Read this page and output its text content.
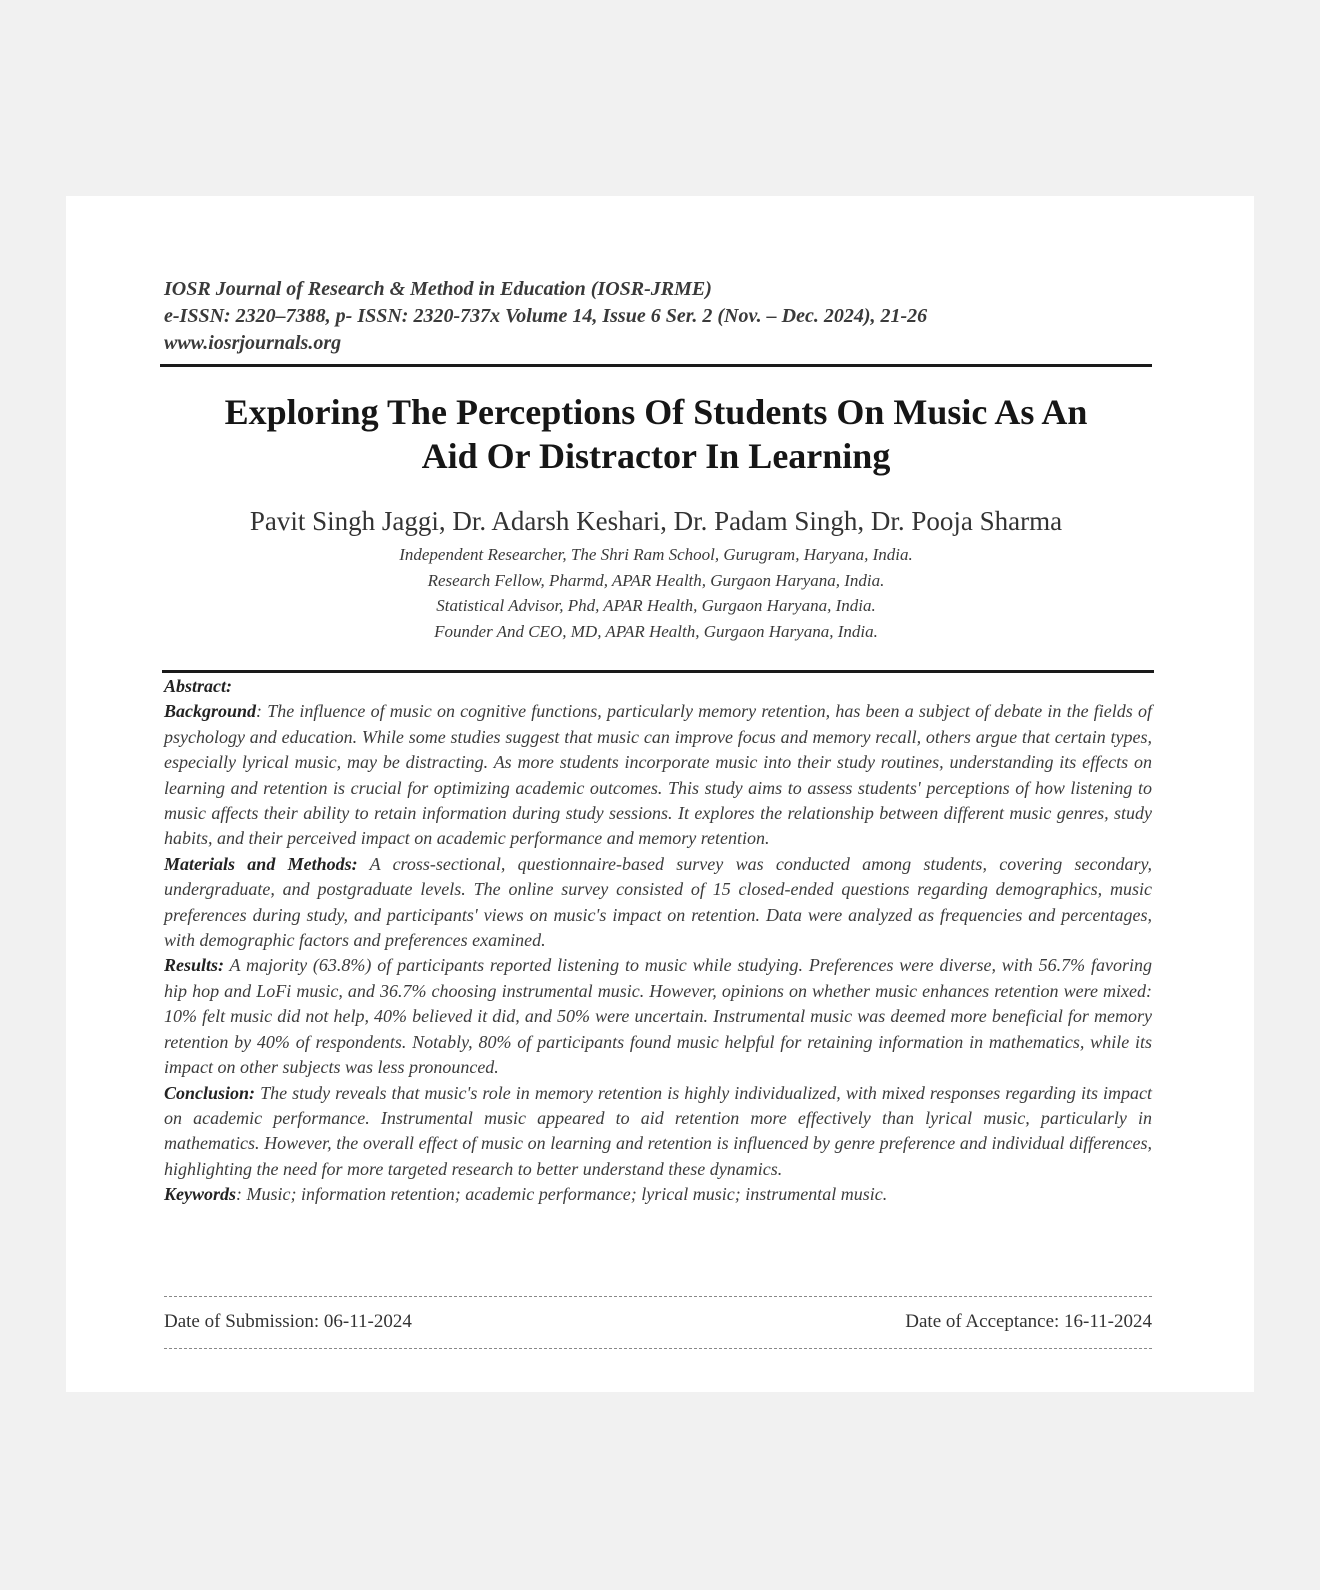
IOSR Journal of Research & Method in Education (IOSR-JRME)
e-ISSN: 2320–7388, p- ISSN: 2320-737x Volume 14, Issue 6 Ser. 2 (Nov. – Dec. 2024), 21-26
www.iosrjournals.org
Exploring The Perceptions Of Students On Music As An
Aid Or Distractor In Learning
Pavit Singh Jaggi, Dr. Adarsh Keshari, Dr. Padam Singh, Dr. Pooja Sharma
Independent Researcher, The Shri Ram School, Gurugram, Haryana, India.
Research Fellow, Pharmd, APAR Health, Gurgaon Haryana, India.
Statistical Advisor, Phd, APAR Health, Gurgaon Haryana, India.
Founder And CEO, MD, APAR Health, Gurgaon Haryana, India.

Abstract:

Background: The influence of music on cognitive functions, particularly memory retention, has been a subject of debate in the fields of psychology and education. While some studies suggest that music can improve focus and memory recall, others argue that certain types, especially lyrical music, may be distracting. As more students incorporate music into their study routines, understanding its effects on learning and retention is crucial for optimizing academic outcomes. This study aims to assess students' perceptions of how listening to music affects their ability to retain information during study sessions. It explores the relationship between different music genres, study habits, and their perceived impact on academic performance and memory retention.

Materials and Methods: A cross-sectional, questionnaire-based survey was conducted among students, covering secondary, undergraduate, and postgraduate levels. The online survey consisted of 15 closed-ended questions regarding demographics, music preferences during study, and participants' views on music's impact on retention. Data were analyzed as frequencies and percentages, with demographic factors and preferences examined.

Results: A majority (63.8%) of participants reported listening to music while studying. Preferences were diverse, with 56.7% favoring hip hop and LoFi music, and 36.7% choosing instrumental music. However, opinions on whether music enhances retention were mixed: 10% felt music did not help, 40% believed it did, and 50% were uncertain. Instrumental music was deemed more beneficial for memory retention by 40% of respondents. Notably, 80% of participants found music helpful for retaining information in mathematics, while its impact on other subjects was less pronounced.

Conclusion: The study reveals that music's role in memory retention is highly individualized, with mixed responses regarding its impact on academic performance. Instrumental music appeared to aid retention more effectively than lyrical music, particularly in mathematics. However, the overall effect of music on learning and retention is influenced by genre preference and individual differences, highlighting the need for more targeted research to better understand these dynamics.

Keywords: Music; information retention; academic performance; lyrical music; instrumental music.

Date of Submission: 06-11-2024	Date of Acceptance: 16-11-2024
